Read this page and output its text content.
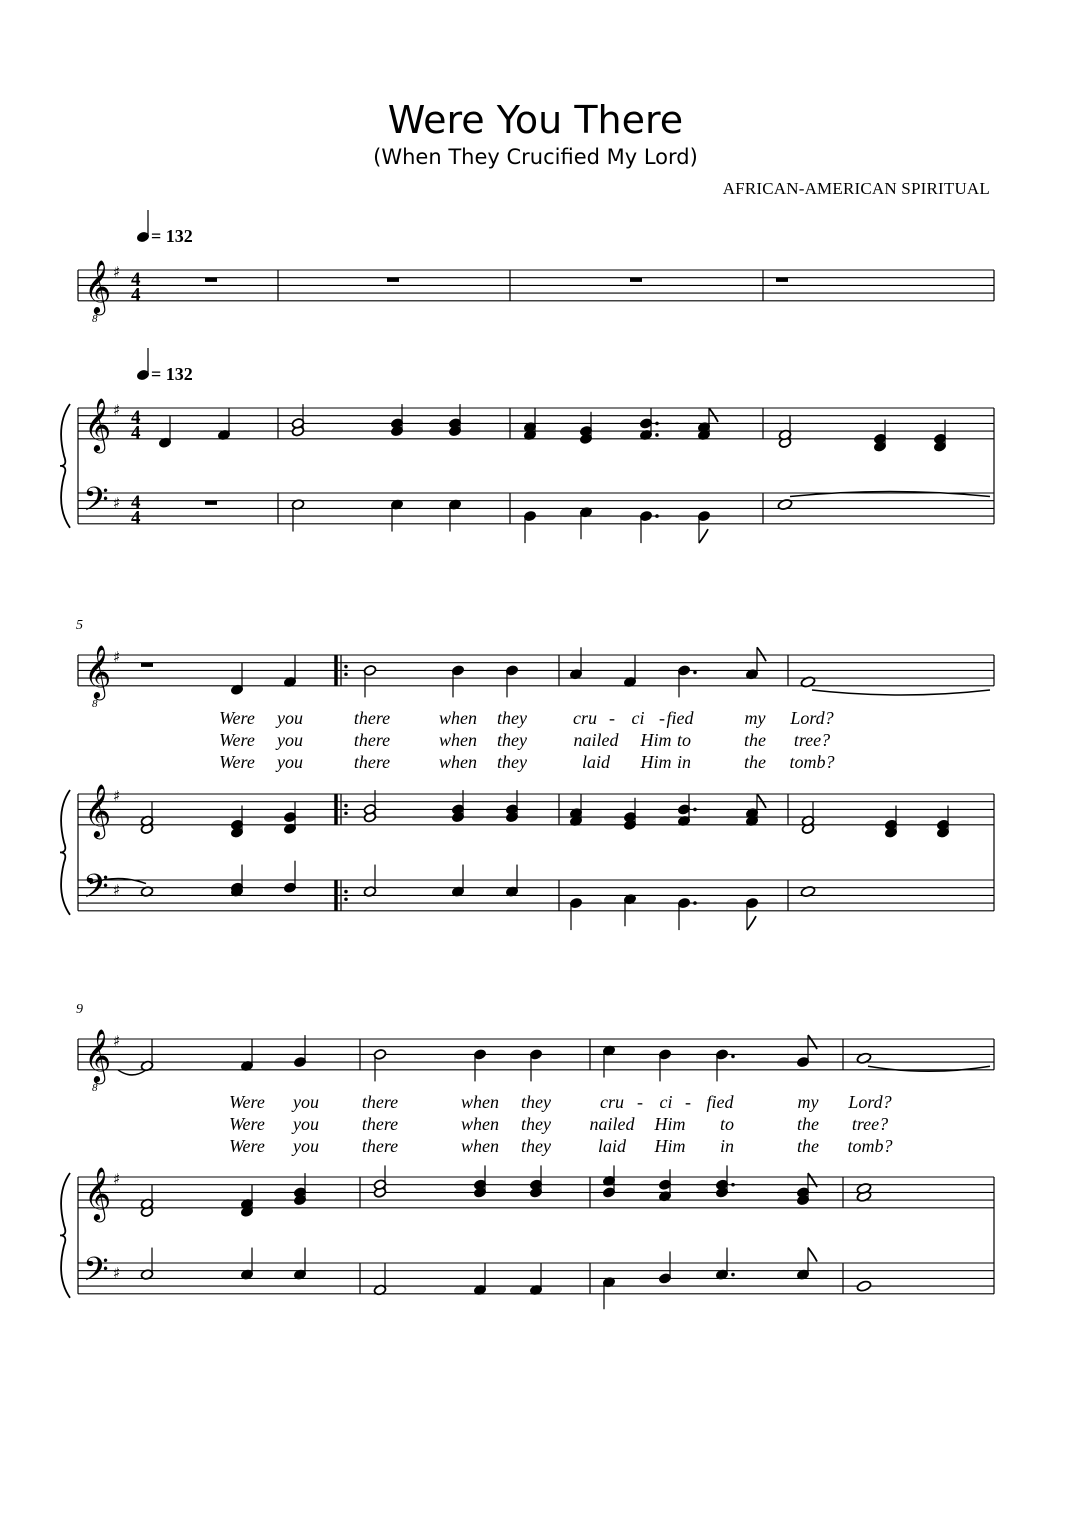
Were You There
(When They Crucified My Lord)
AFRICAN-AMERICAN SPIRITUAL
= 132
= 132
𝄞
8
𝄞
𝄢
♯
♯
♯
4
4
4
4
4
4
5
𝄞
8
𝄞
𝄢
♯
♯
♯
Were you	there	when they	cru - ci - fied	my Lord?
Were you	there	when they	nailed Him to	the tree?
Were you	there	when they	laid Him in	the tomb?
9
𝄞
8
𝄞
𝄢
♯
♯
♯
Were you there	when they	cru - ci - fied	my Lord?
Were you there	when they nailed Him to	the tree?
Were you there	when they	laid Him in	the tomb?
